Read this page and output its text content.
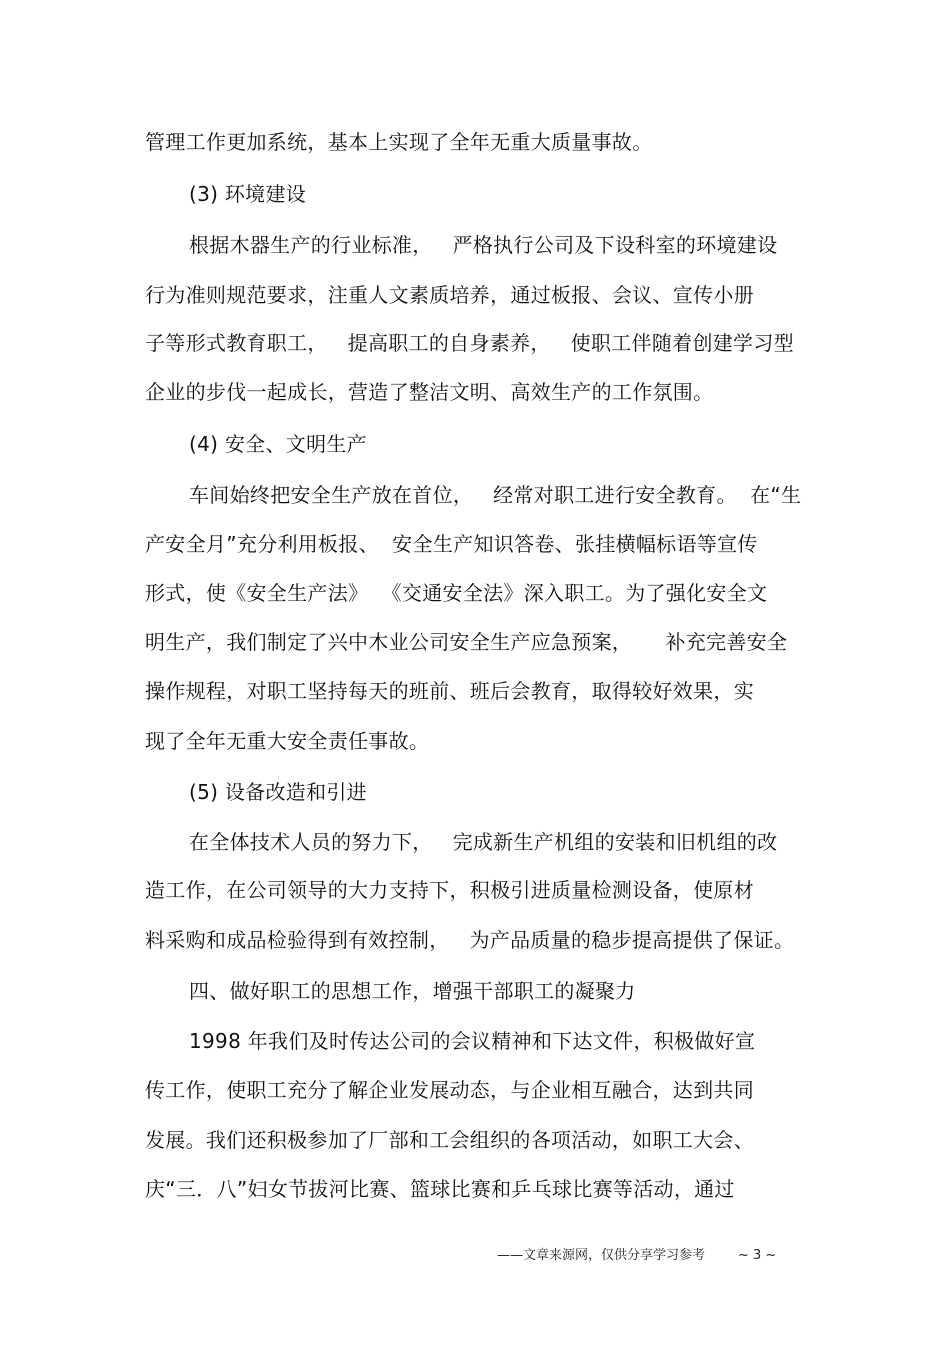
管理工作更加系统，基本上实现了全年无重大质量事故。
(3) 环境建设
根据木器生产的行业标准，   严格执行公司及下设科室的环境建设
行为准则规范要求，注重人文素质培养，通过板报、会议、宣传小册
子等形式教育职工，   提高职工的自身素养，   使职工伴随着创建学习型
企业的步伐一起成长，营造了整洁文明、高效生产的工作氛围。
(4) 安全、文明生产
车间始终把安全生产放在首位，   经常对职工进行安全教育。  在“生
产安全月”充分利用板报、  安全生产知识答卷、张挂横幅标语等宣传
形式，使《安全生产法》  《交通安全法》深入职工。为了强化安全文
明生产，我们制定了兴中木业公司安全生产应急预案，     补充完善安全
操作规程，对职工坚持每天的班前、班后会教育，取得较好效果，实
现了全年无重大安全责任事故。
(5) 设备改造和引进
在全体技术人员的努力下，   完成新生产机组的安装和旧机组的改
造工作，在公司领导的大力支持下，积极引进质量检测设备，使原材
料采购和成品检验得到有效控制，   为产品质量的稳步提高提供了保证。
四、做好职工的思想工作，增强干部职工的凝聚力
1998 年我们及时传达公司的会议精神和下达文件，积极做好宣
传工作，使职工充分了解企业发展动态，与企业相互融合，达到共同
发展。我们还积极参加了厂部和工会组织的各项活动，如职工大会、
庆“三．八”妇女节拔河比赛、篮球比赛和乒乓球比赛等活动，通过
——文章来源网，仅供分享学习参考	~ 3 ~
